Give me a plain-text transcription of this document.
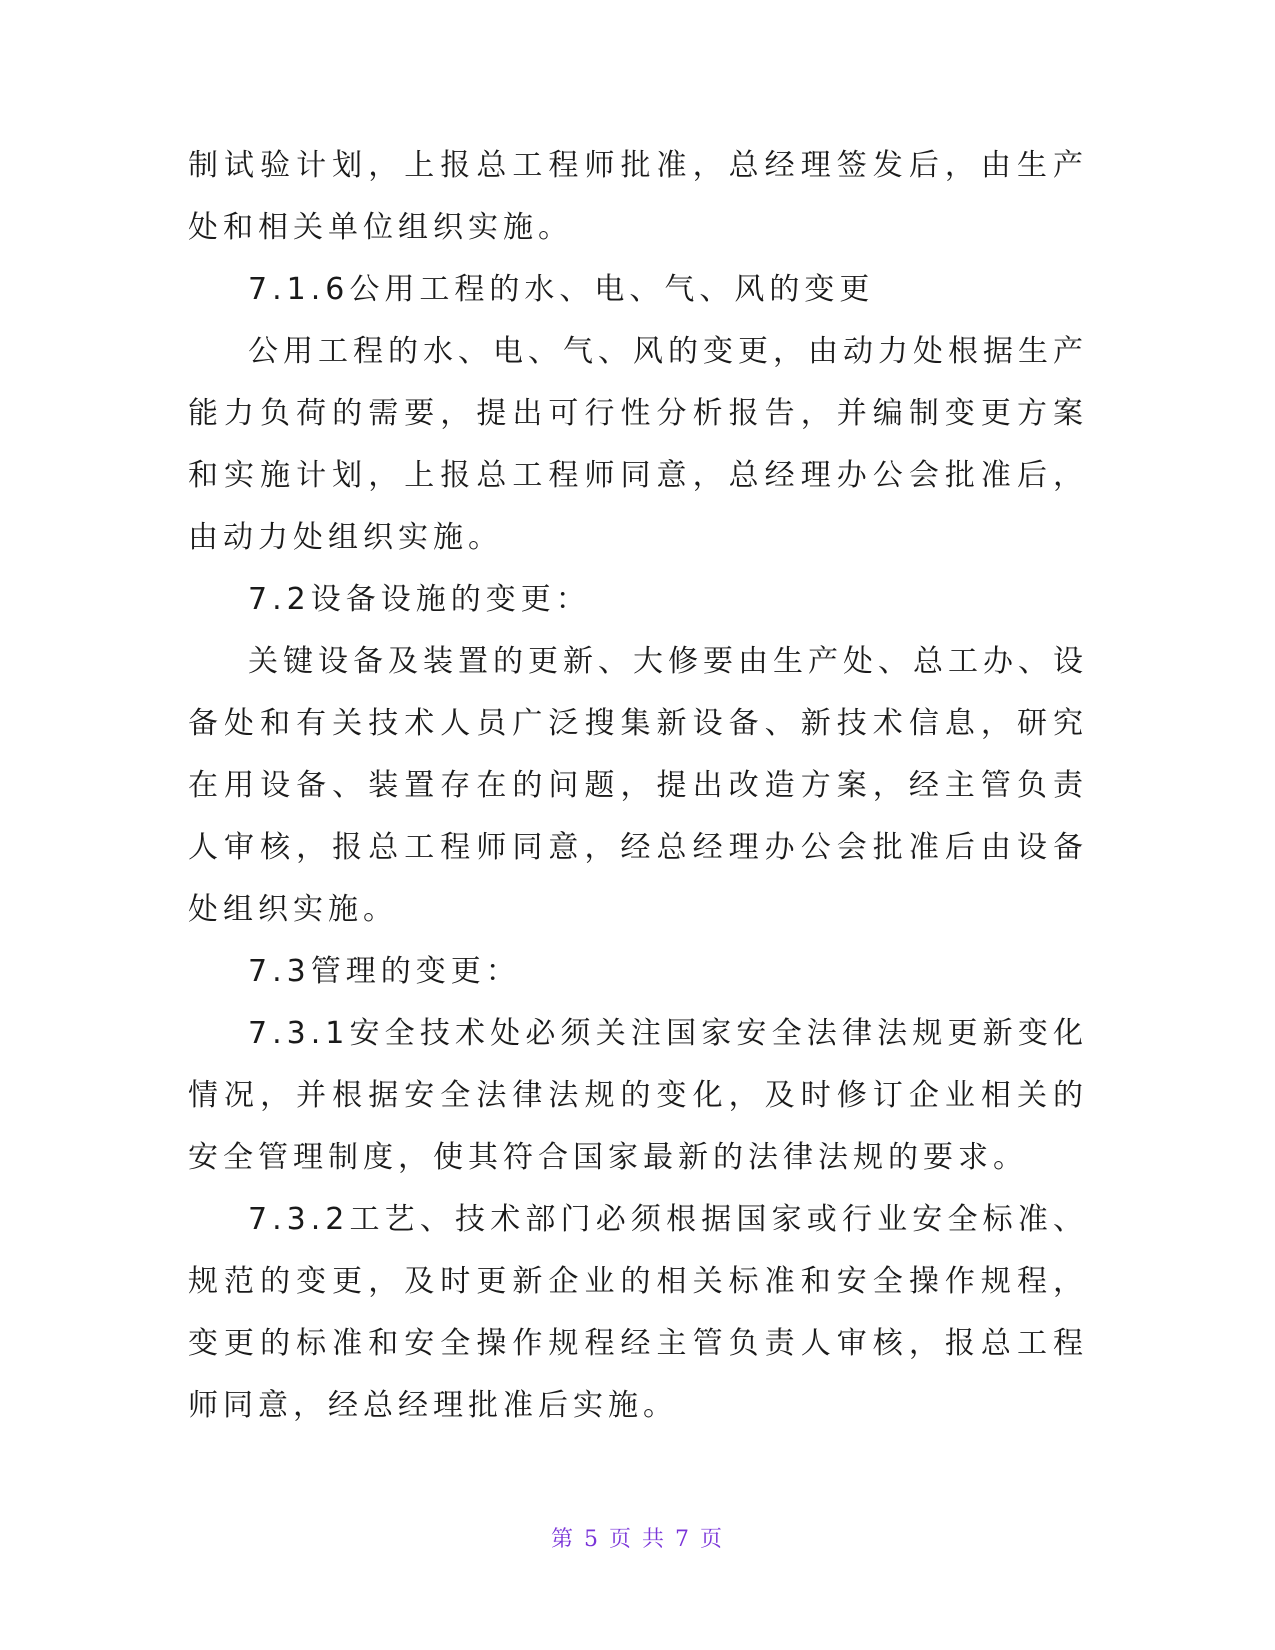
制试验计划，上报总工程师批准，总经理签发后，由生产处和相关单位组织实施。

7.1.6公用工程的水、电、气、风的变更

公用工程的水、电、气、风的变更，由动力处根据生产能力负荷的需要，提出可行性分析报告，并编制变更方案和实施计划，上报总工程师同意，总经理办公会批准后，由动力处组织实施。

7.2设备设施的变更：

关键设备及装置的更新、大修要由生产处、总工办、设备处和有关技术人员广泛搜集新设备、新技术信息，研究在用设备、装置存在的问题，提出改造方案，经主管负责人审核，报总工程师同意，经总经理办公会批准后由设备处组织实施。

7.3管理的变更：

7.3.1安全技术处必须关注国家安全法律法规更新变化情况，并根据安全法律法规的变化，及时修订企业相关的安全管理制度，使其符合国家最新的法律法规的要求。

7.3.2工艺、技术部门必须根据国家或行业安全标准、规范的变更，及时更新企业的相关标准和安全操作规程，变更的标准和安全操作规程经主管负责人审核，报总工程师同意，经总经理批准后实施。

第 5 页 共 7 页
